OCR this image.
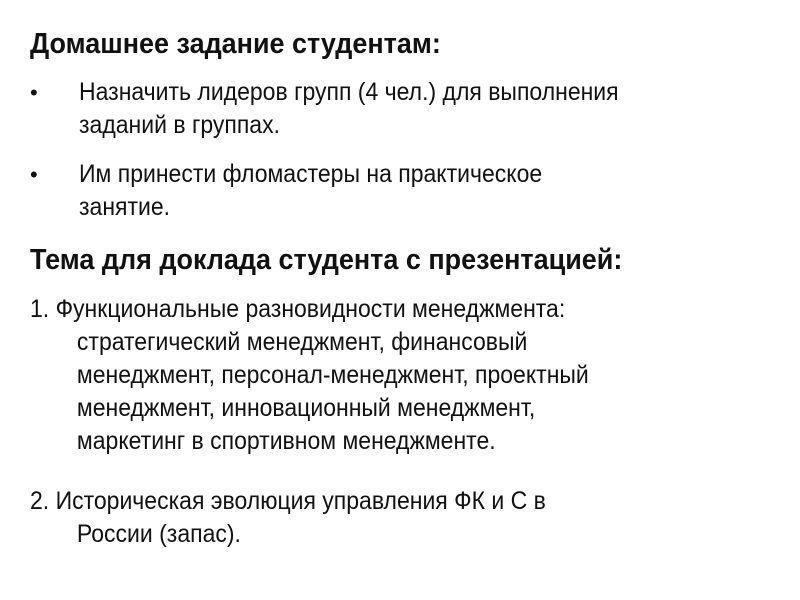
Домашнее задание студентам:
• Назначить лидеров групп (4 чел.) для выполнения
заданий в группах.
• Им принести фломастеры на практическое
занятие.
Тема для доклада студента с презентацией:
1. Функциональные разновидности менеджмента:
стратегический менеджмент, финансовый
менеджмент, персонал-менеджмент, проектный
менеджмент, инновационный менеджмент,
маркетинг в спортивном менеджменте.
2. Историческая эволюция управления ФК и С в
России (запас).
